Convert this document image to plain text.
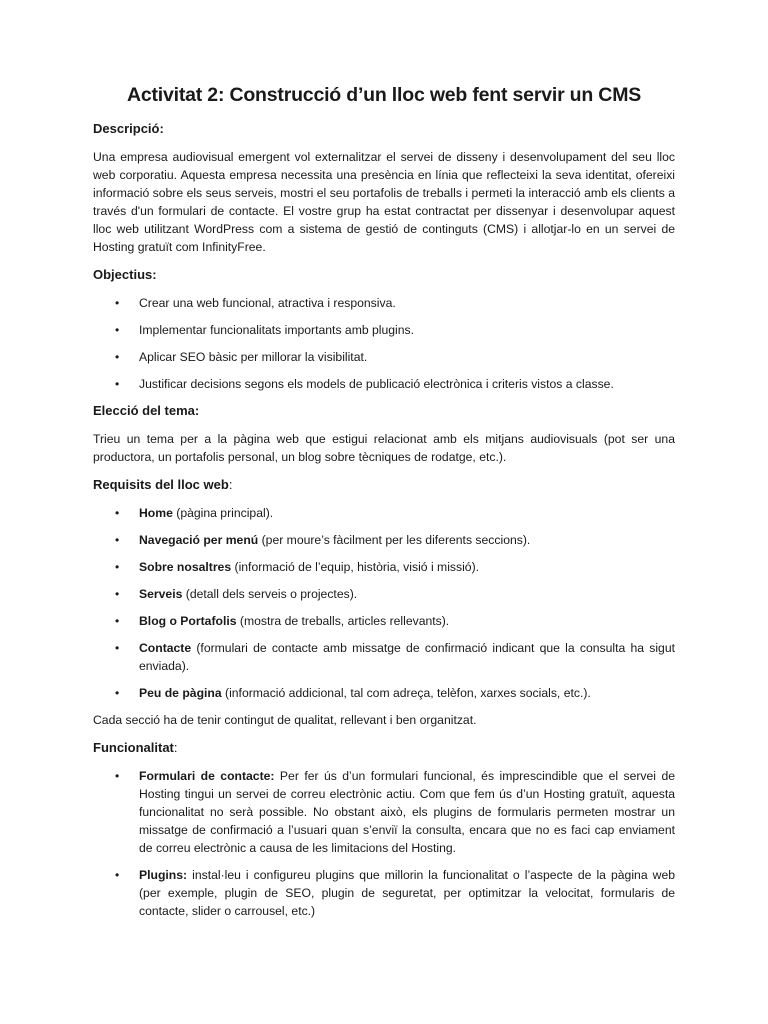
Activitat 2: Construcció d’un lloc web fent servir un CMS
Descripció:

Una empresa audiovisual emergent vol externalitzar el servei de disseny i desenvolupament del seu lloc web corporatiu. Aquesta empresa necessita una presència en línia que reflecteixi la seva identitat, ofereixi informació sobre els seus serveis, mostri el seu portafolis de treballs i permeti la interacció amb els clients a través d'un formulari de contacte. El vostre grup ha estat contractat per dissenyar i desenvolupar aquest lloc web utilitzant WordPress com a sistema de gestió de continguts (CMS) i allotjar-lo en un servei de Hosting gratuït com InfinityFree.

Objectius:
• Crear una web funcional, atractiva i responsiva.
• Implementar funcionalitats importants amb plugins.
• Aplicar SEO bàsic per millorar la visibilitat.
• Justificar decisions segons els models de publicació electrònica i criteris vistos a classe.
Elecció del tema:

Trieu un tema per a la pàgina web que estigui relacionat amb els mitjans audiovisuals (pot ser una productora, un portafolis personal, un blog sobre tècniques de rodatge, etc.).

Requisits del lloc web:
• Home (pàgina principal).
• Navegació per menú (per moure’s fàcilment per les diferents seccions).
• Sobre nosaltres (informació de l’equip, història, visió i missió).
• Serveis (detall dels serveis o projectes).
• Blog o Portafolis (mostra de treballs, articles rellevants).
• Contacte (formulari de contacte amb missatge de confirmació indicant que la consulta ha sigut enviada).
• Peu de pàgina (informació addicional, tal com adreça, telèfon, xarxes socials, etc.).

Cada secció ha de tenir contingut de qualitat, rellevant i ben organitzat.

Funcionalitat:
• Formulari de contacte: Per fer ús d’un formulari funcional, és imprescindible que el servei de Hosting tingui un servei de correu electrònic actiu. Com que fem ús d’un Hosting gratuït, aquesta funcionalitat no serà possible. No obstant això, els plugins de formularis permeten mostrar un missatge de confirmació a l’usuari quan s’enviï la consulta, encara que no es faci cap enviament de correu electrònic a causa de les limitacions del Hosting.
• Plugins: instal·leu i configureu plugins que millorin la funcionalitat o l’aspecte de la pàgina web (per exemple, plugin de SEO, plugin de seguretat, per optimitzar la velocitat, formularis de contacte, slider o carrousel, etc.)
